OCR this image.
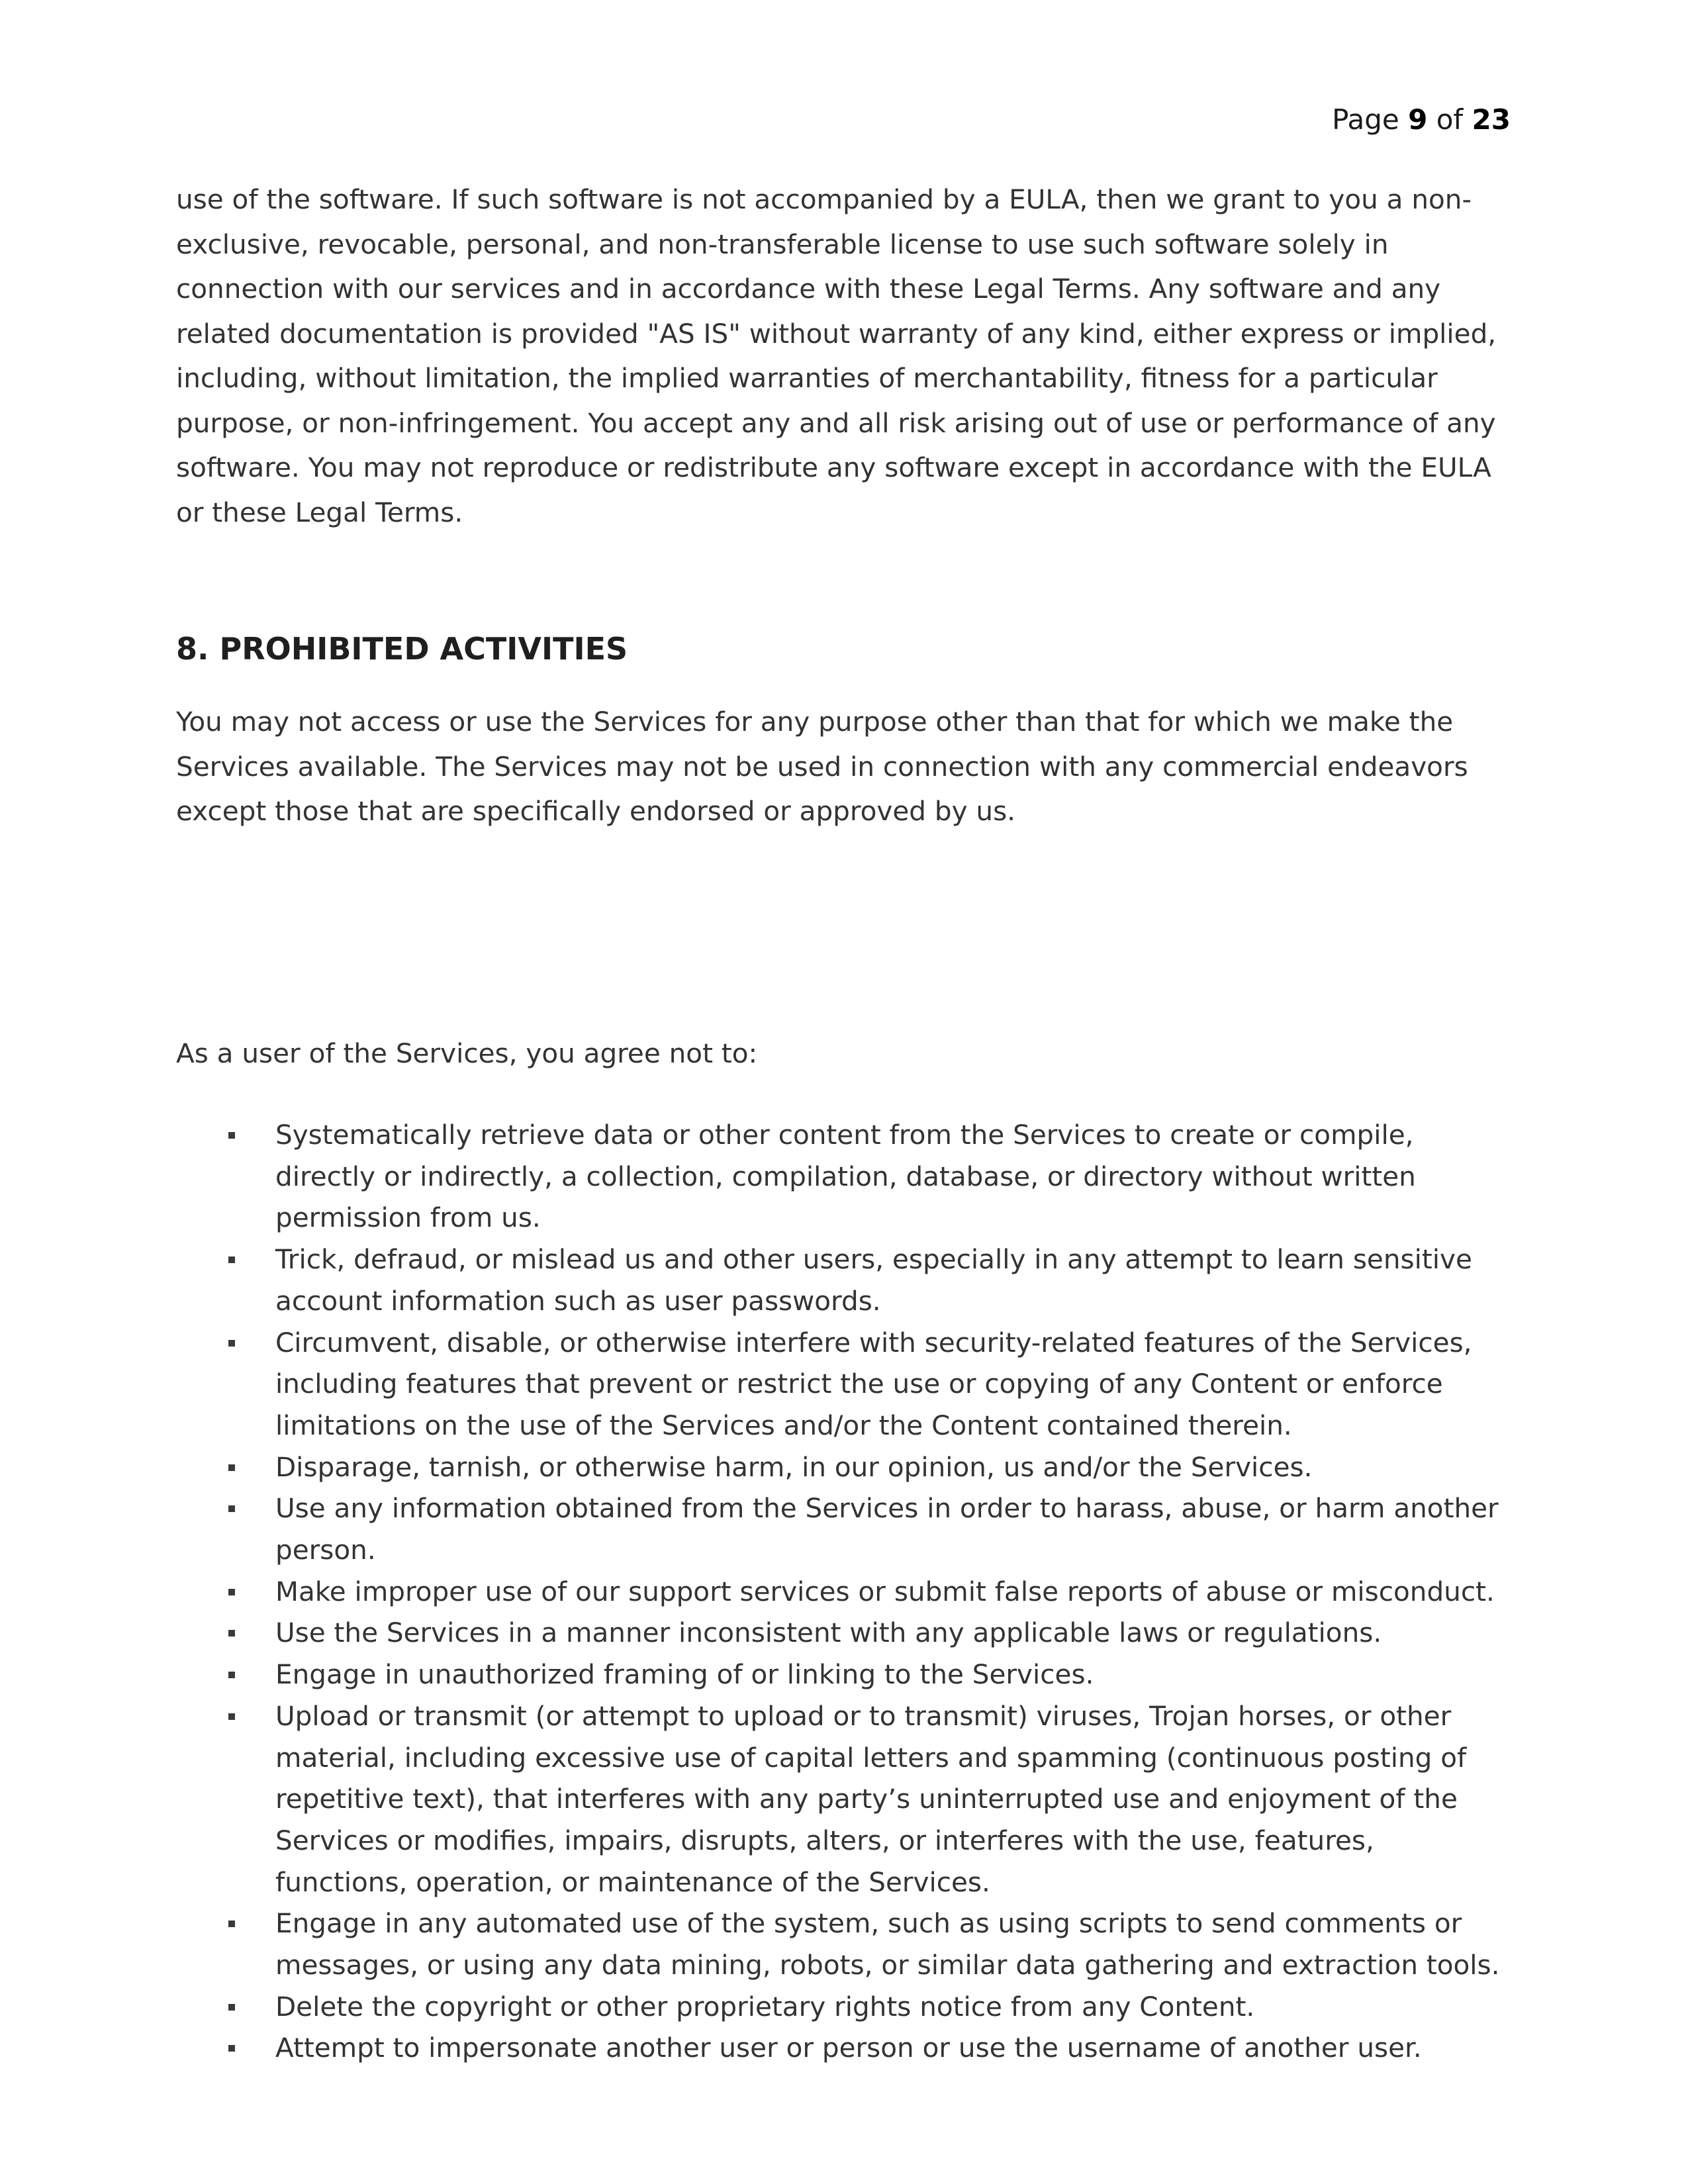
Page 9 of 23

use of the software. If such software is not accompanied by a EULA, then we grant to you a non-exclusive, revocable, personal, and non-transferable license to use such software solely in connection with our services and in accordance with these Legal Terms. Any software and any related documentation is provided "AS IS" without warranty of any kind, either express or implied, including, without limitation, the implied warranties of merchantability, fitness for a particular purpose, or non-infringement. You accept any and all risk arising out of use or performance of any software. You may not reproduce or redistribute any software except in accordance with the EULA or these Legal Terms.

8. PROHIBITED ACTIVITIES

You may not access or use the Services for any purpose other than that for which we make the Services available. The Services may not be used in connection with any commercial endeavors except those that are specifically endorsed or approved by us.

As a user of the Services, you agree not to:

Systematically retrieve data or other content from the Services to create or compile, directly or indirectly, a collection, compilation, database, or directory without written permission from us.
Trick, defraud, or mislead us and other users, especially in any attempt to learn sensitive account information such as user passwords.
Circumvent, disable, or otherwise interfere with security-related features of the Services, including features that prevent or restrict the use or copying of any Content or enforce limitations on the use of the Services and/or the Content contained therein.
Disparage, tarnish, or otherwise harm, in our opinion, us and/or the Services.
Use any information obtained from the Services in order to harass, abuse, or harm another person.
Make improper use of our support services or submit false reports of abuse or misconduct.
Use the Services in a manner inconsistent with any applicable laws or regulations.
Engage in unauthorized framing of or linking to the Services.
Upload or transmit (or attempt to upload or to transmit) viruses, Trojan horses, or other material, including excessive use of capital letters and spamming (continuous posting of repetitive text), that interferes with any party’s uninterrupted use and enjoyment of the Services or modifies, impairs, disrupts, alters, or interferes with the use, features, functions, operation, or maintenance of the Services.
Engage in any automated use of the system, such as using scripts to send comments or messages, or using any data mining, robots, or similar data gathering and extraction tools.
Delete the copyright or other proprietary rights notice from any Content.
Attempt to impersonate another user or person or use the username of another user.
